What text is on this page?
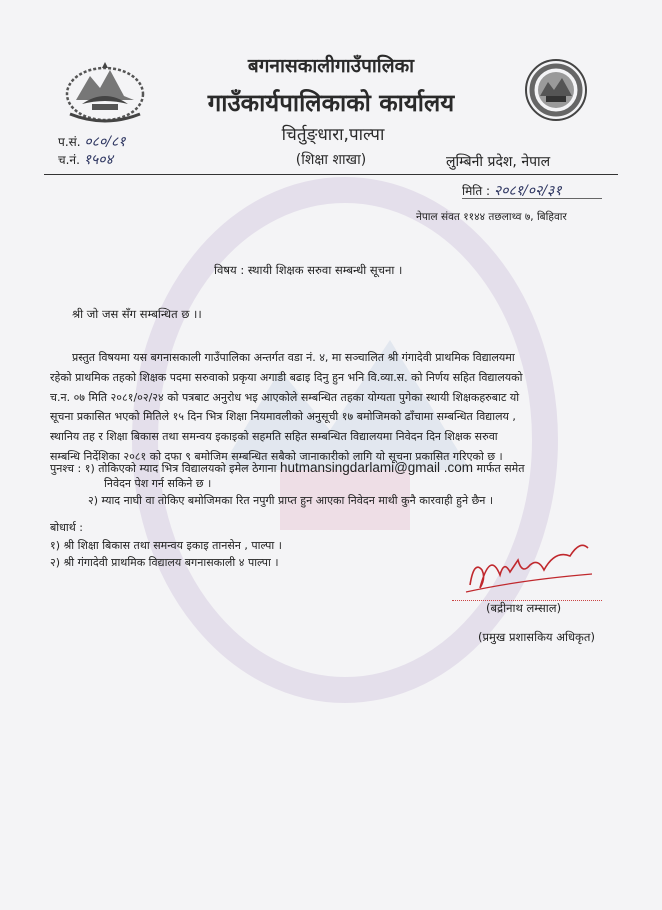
बगनासकालीगाउँपालिका
गाउँकार्यपालिकाको कार्यालय
चिर्तुङ्धारा,पाल्पा
(शिक्षा शाखा)	लुम्बिनी प्रदेश, नेपाल
प.सं. ०८०/८१
च.नं. १५०४
मिति : २०८१/०२/३१
नेपाल संवत ११४४ तछलाथ्व ७, बिहिवार
विषय : स्थायी शिक्षक सरुवा सम्बन्धी सूचना ।
श्री जो जस सँग सम्बन्धित छ ।।
प्रस्तुत विषयमा यस बगनासकाली गाउँपालिका अन्तर्गत वडा नं. ४, मा सञ्चालित श्री गंगादेवी प्राथमिक विद्यालयमा
रहेको प्राथमिक तहको शिक्षक पदमा सरुवाको प्रकृया अगाडी बढाइ दिनु हुन भनि वि.व्या.स. को निर्णय सहित विद्यालयको
च.न. ०७ मिति २०८१/०२/२४ को पत्रबाट अनुरोध भइ आएकोले सम्बन्धित तहका योग्यता पुगेका स्थायी शिक्षकहरुबाट यो
सूचना प्रकासित भएको मितिले १५ दिन भित्र शिक्षा नियमावलीको अनुसूची १७ बमोजिमको ढाँचामा सम्बन्धित विद्यालय ,
स्थानिय तह र शिक्षा बिकास तथा समन्वय इकाइको सहमति सहित सम्बन्धित विद्यालयमा निवेदन दिन शिक्षक सरुवा
सम्बन्धि निर्देशिका २०८१ को दफा ९ बमोजिम सम्बन्धित सबैको जानाकारीको लागि यो सूचना प्रकासित गरिएको छ ।
पुनश्च : १) तोकिएको म्याद भित्र विद्यालयको इमेल ठेगाना hutmansingdarlami@gmail .com मार्फत समेत
निवेदन पेश गर्न सकिने छ ।
२) म्याद नाघी वा तोकिए बमोजिमका रित नपुगी प्राप्त हुन आएका निवेदन माथी कुनै कारवाही हुने छैन ।
बोधार्थ :
१) श्री शिक्षा बिकास तथा समन्वय इकाइ तानसेन , पाल्पा ।
२) श्री गंगादेवी प्राथमिक विद्यालय बगनासकाली ४ पाल्पा ।
(बद्रीनाथ लम्साल)
(प्रमुख प्रशासकिय अधिकृत)
